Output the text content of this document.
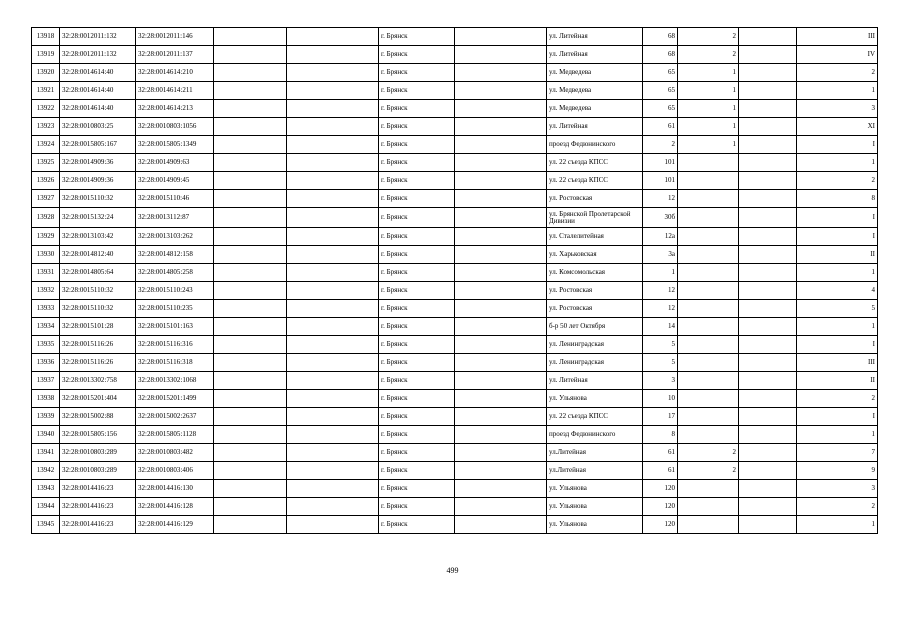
13918	32:28:0012011:132	32:28:0012011:146			г. Брянск		ул. Литейная	68	2		III
13919	32:28:0012011:132	32:28:0012011:137			г. Брянск		ул. Литейная	68	2		IV
13920	32:28:0014614:40	32:28:0014614:210			г. Брянск		ул. Медведева	65	1		2
13921	32:28:0014614:40	32:28:0014614:211			г. Брянск		ул. Медведева	65	1		1
13922	32:28:0014614:40	32:28:0014614:213			г. Брянск		ул. Медведева	65	1		3
13923	32:28:0010803:25	32:28:0010803:1056			г. Брянск		ул. Литейная	61	1		XI
13924	32:28:0015805:167	32:28:0015805:1349			г. Брянск		проезд Федюнинского	2	1		I
13925	32:28:0014909:36	32:28:0014909:63			г. Брянск		ул. 22 съезда КПСС	101			1
13926	32:28:0014909:36	32:28:0014909:45			г. Брянск		ул. 22 съезда КПСС	101			2
13927	32:28:0015110:32	32:28:0015110:46			г. Брянск		ул. Ростовская	12			8
13928	32:28:0015132:24	32:28:0013112:87			г. Брянск		ул. Брянской Пролетарской Дивизии	30б			I
13929	32:28:0013103:42	32:28:0013103:262			г. Брянск		ул. Сталелитейная	12а			I
13930	32:28:0014812:40	32:28:0014812:158			г. Брянск		ул. Харьковская	3а			II
13931	32:28:0014805:64	32:28:0014805:258			г. Брянск		ул. Комсомольская	1			1
13932	32:28:0015110:32	32:28:0015110:243			г. Брянск		ул. Ростовская	12			4
13933	32:28:0015110:32	32:28:0015110:235			г. Брянск		ул. Ростовская	12			5
13934	32:28:0015101:28	32:28:0015101:163			г. Брянск		б-р 50 лет Октября	14			1
13935	32:28:0015116:26	32:28:0015116:316			г. Брянск		ул. Ленинградская	5			I
13936	32:28:0015116:26	32:28:0015116:318			г. Брянск		ул. Ленинградская	5			III
13937	32:28:0013302:758	32:28:0013302:1068			г. Брянск		ул. Литейная	3			II
13938	32:28:0015201:404	32:28:0015201:1499			г. Брянск		ул. Ульянова	10			2
13939	32:28:0015002:88	32:28:0015002:2637			г. Брянск		ул. 22 съезда КПСС	17			I
13940	32:28:0015805:156	32:28:0015805:1128			г. Брянск		проезд Федюнинского	8			1
13941	32:28:0010803:289	32:28:0010803:482			г. Брянск		ул.Литейная	61	2		7
13942	32:28:0010803:289	32:28:0010803:406			г. Брянск		ул.Литейная	61	2		9
13943	32:28:0014416:23	32:28:0014416:130			г. Брянск		ул. Ульянова	120			3
13944	32:28:0014416:23	32:28:0014416:128			г. Брянск		ул. Ульянова	120			2
13945	32:28:0014416:23	32:28:0014416:129			г. Брянск		ул. Ульянова	120			1
499
